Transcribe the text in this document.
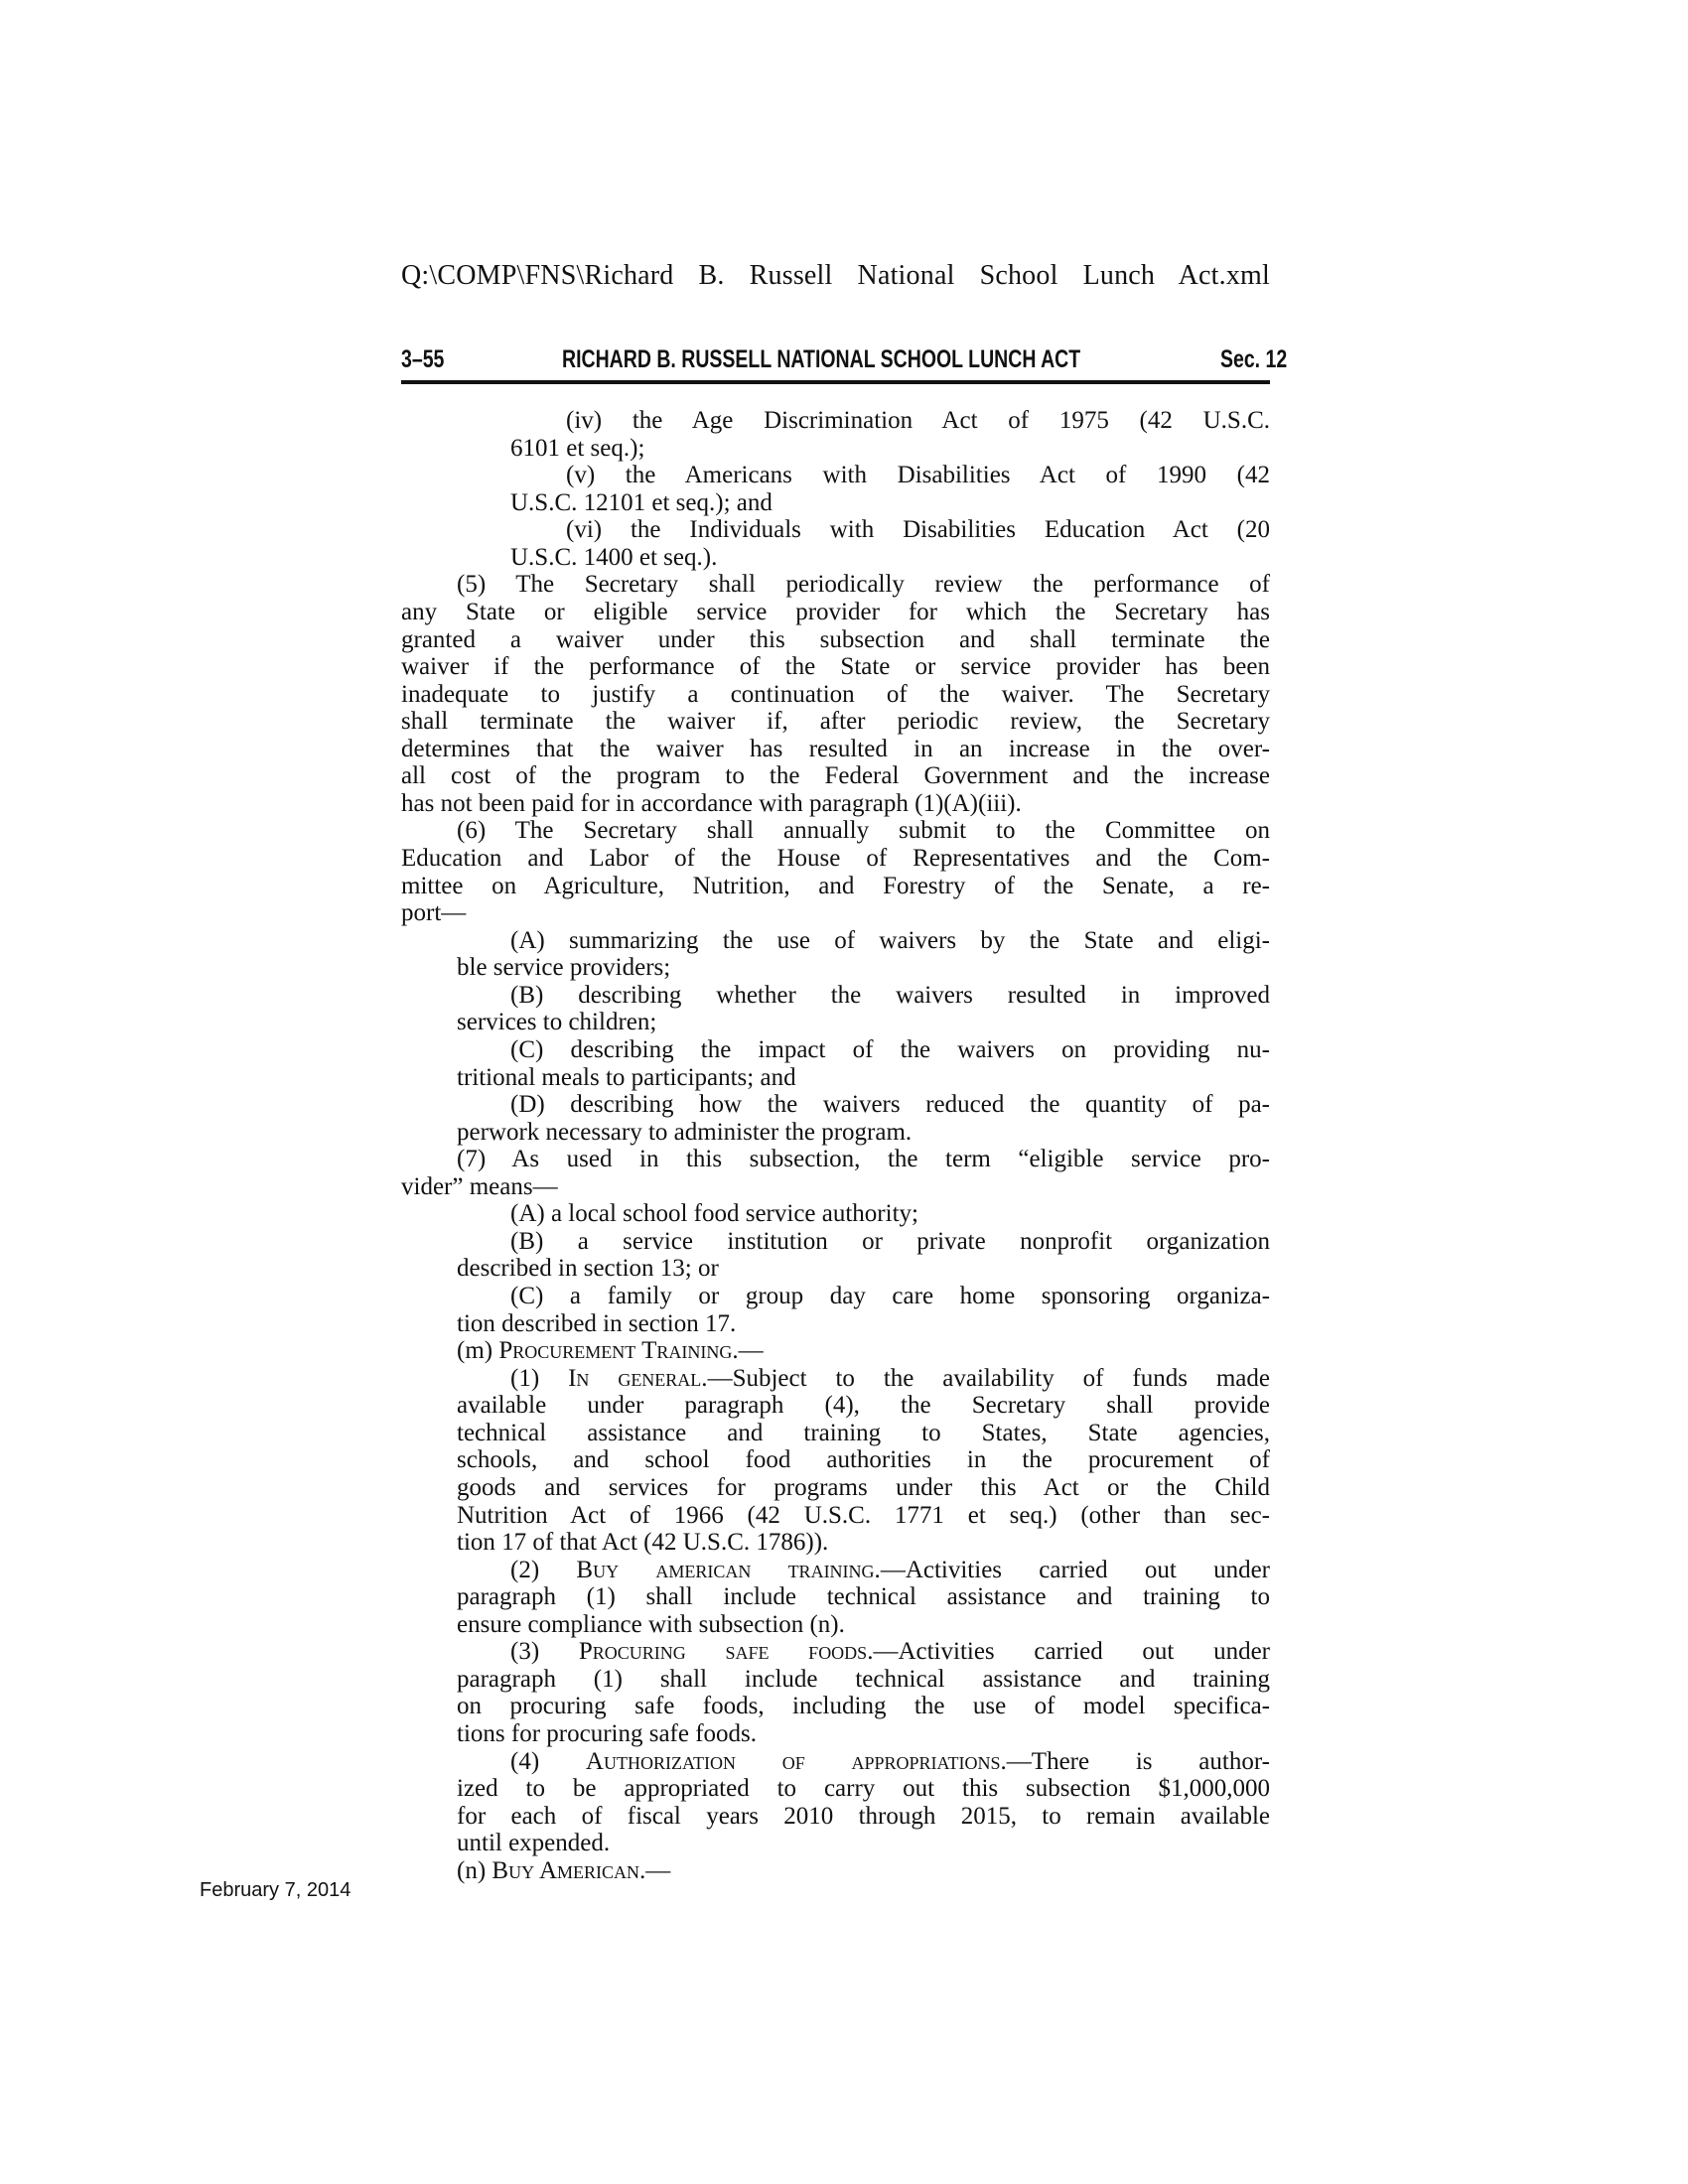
Q:\COMP\FNS\Richard B. Russell National School Lunch Act.xml
3–55	RICHARD B. RUSSELL NATIONAL SCHOOL LUNCH ACT	Sec. 12
(iv) the Age Discrimination Act of 1975 (42 U.S.C.
6101 et seq.);
(v) the Americans with Disabilities Act of 1990 (42
U.S.C. 12101 et seq.); and
(vi) the Individuals with Disabilities Education Act (20
U.S.C. 1400 et seq.).
(5) The Secretary shall periodically review the performance of
any State or eligible service provider for which the Secretary has
granted a waiver under this subsection and shall terminate the
waiver if the performance of the State or service provider has been
inadequate to justify a continuation of the waiver. The Secretary
shall terminate the waiver if, after periodic review, the Secretary
determines that the waiver has resulted in an increase in the over-
all cost of the program to the Federal Government and the increase
has not been paid for in accordance with paragraph (1)(A)(iii).
(6) The Secretary shall annually submit to the Committee on
Education and Labor of the House of Representatives and the Com-
mittee on Agriculture, Nutrition, and Forestry of the Senate, a re-
port—
(A) summarizing the use of waivers by the State and eligi-
ble service providers;
(B) describing whether the waivers resulted in improved
services to children;
(C) describing the impact of the waivers on providing nu-
tritional meals to participants; and
(D) describing how the waivers reduced the quantity of pa-
perwork necessary to administer the program.
(7) As used in this subsection, the term “eligible service pro-
vider” means—
(A) a local school food service authority;
(B) a service institution or private nonprofit organization
described in section 13; or
(C) a family or group day care home sponsoring organiza-
tion described in section 17.
(m) Procurement Training.—
(1) In general.—Subject to the availability of funds made
available under paragraph (4), the Secretary shall provide
technical assistance and training to States, State agencies,
schools, and school food authorities in the procurement of
goods and services for programs under this Act or the Child
Nutrition Act of 1966 (42 U.S.C. 1771 et seq.) (other than sec-
tion 17 of that Act (42 U.S.C. 1786)).
(2) Buy american training.—Activities carried out under
paragraph (1) shall include technical assistance and training to
ensure compliance with subsection (n).
(3) Procuring safe foods.—Activities carried out under
paragraph (1) shall include technical assistance and training
on procuring safe foods, including the use of model specifica-
tions for procuring safe foods.
(4) Authorization of appropriations.—There is author-
ized to be appropriated to carry out this subsection $1,000,000
for each of fiscal years 2010 through 2015, to remain available
until expended.
(n) Buy American.—
February 7, 2014
